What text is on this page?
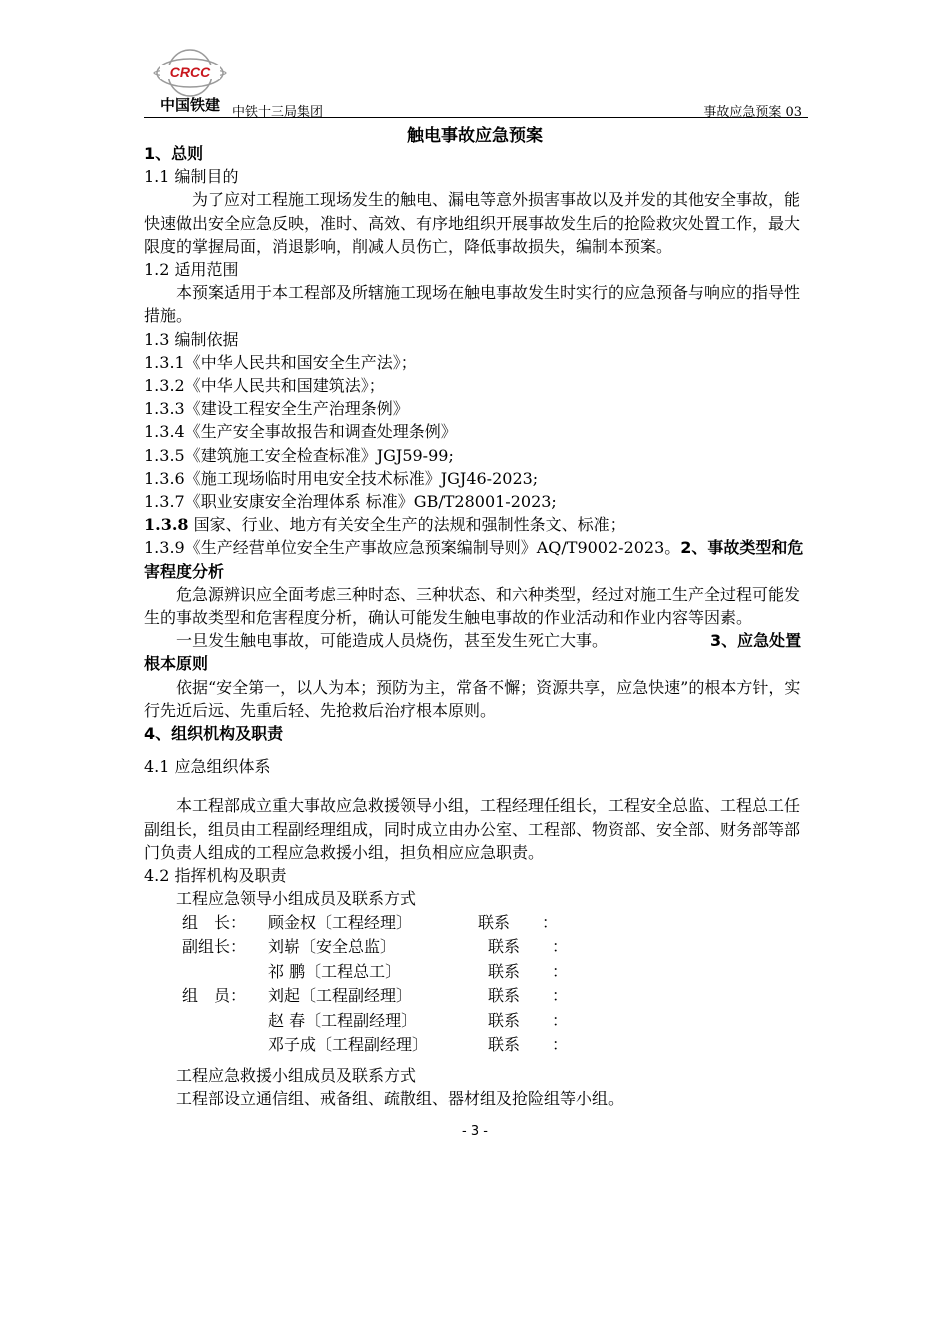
CRCC
中国铁建 中铁十三局集团	事故应急预案 03
触电事故应急预案

1、总则

1.1 编制目的

为了应对工程施工现场发生的触电、漏电等意外损害事故以及并发的其他安全事故，能快速做出安全应急反映，准时、高效、有序地组织开展事故发生后的抢险救灾处置工作，最大限度的掌握局面，消退影响，削减人员伤亡，降低事故损失，编制本预案。

1.2 适用范围

本预案适用于本工程部及所辖施工现场在触电事故发生时实行的应急预备与响应的指导性措施。

1.3 编制依据

1.3.1《中华人民共和国安全生产法》；

1.3.2《中华人民共和国建筑法》；

1.3.3《建设工程安全生产治理条例》

1.3.4《生产安全事故报告和调查处理条例》

1.3.5《建筑施工安全检查标准》JGJ59-99;

1.3.6《施工现场临时用电安全技术标准》JGJ46-2023;

1.3.7《职业安康安全治理体系 标准》GB/T28001-2023;

1.3.8 国家、行业、地方有关安全生产的法规和强制性条文、标准；

1.3.9《生产经营单位安全生产事故应急预案编制导则》AQ/T9002-2023。2、事故类型和危害程度分析

危急源辨识应全面考虑三种时态、三种状态、和六种类型，经过对施工生产全过程可能发生的事故类型和危害程度分析，确认可能发生触电事故的作业活动和作业内容等因素。

一旦发生触电事故，可能造成人员烧伤，甚至发生死亡大事。	3、应急处置根本原则

依据“安全第一，以人为本；预防为主，常备不懈；资源共享，应急快速”的根本方针，实行先近后远、先重后轻、先抢救后治疗根本原则。

4、组织机构及职责

4.1 应急组织体系

本工程部成立重大事故应急救援领导小组，工程经理任组长，工程安全总监、工程总工任副组长，组员由工程副经理组成，同时成立由办公室、工程部、物资部、安全部、财务部等部门负责人组成的工程应急救援小组，担负相应应急职责。

4.2 指挥机构及职责

工程应急领导小组成员及联系方式

组　长： 顾金权〔工程经理〕	联系　　：
副组长： 刘崭〔安全总监〕	联系　　：
祁 鹏〔工程总工〕	联系　　：
组　员： 刘起〔工程副经理〕	联系　　：
赵 春〔工程副经理〕	联系　　：
邓子成〔工程副经理〕	联系　　：

工程应急救援小组成员及联系方式

工程部设立通信组、戒备组、疏散组、器材组及抢险组等小组。

- 3 -
